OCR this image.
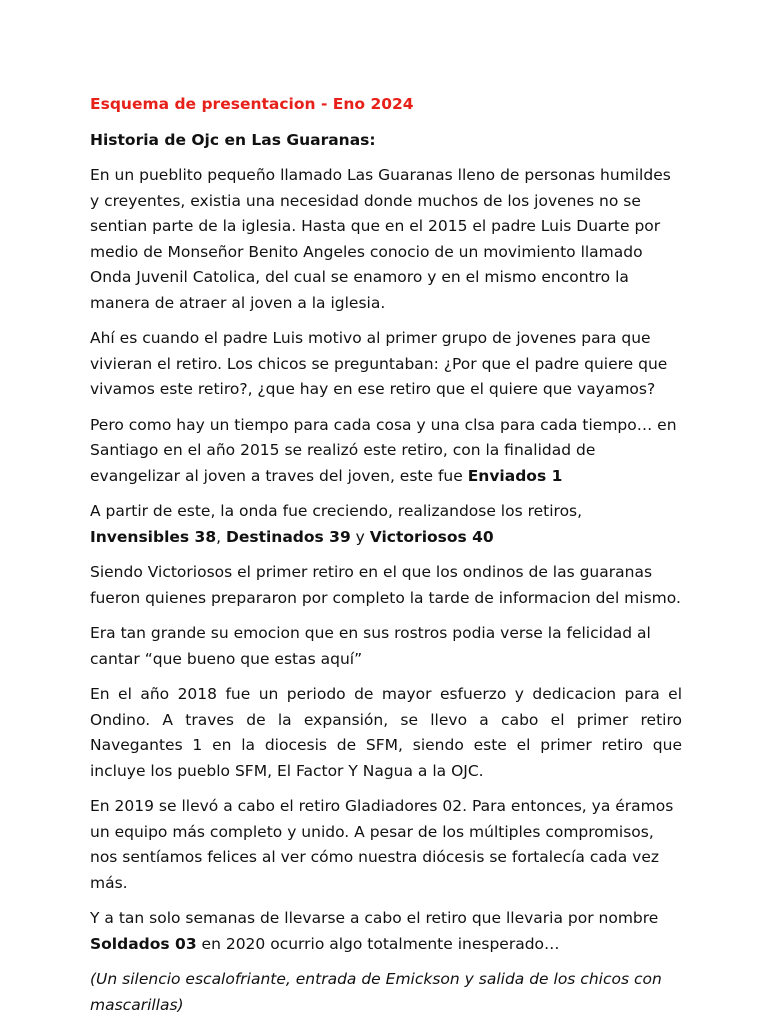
Esquema de presentacion - Eno 2024
Historia de Ojc en Las Guaranas:

En un pueblito pequeño llamado Las Guaranas lleno de personas humildes y creyentes, existia una necesidad donde muchos de los jovenes no se sentian parte de la iglesia. Hasta que en el 2015 el padre Luis Duarte por medio de Monseñor Benito Angeles conocio de un movimiento llamado Onda Juvenil Catolica, del cual se enamoro y en el mismo encontro la manera de atraer al joven a la iglesia.

Ahí es cuando el padre Luis motivo al primer grupo de jovenes para que vivieran el retiro. Los chicos se preguntaban: ¿Por que el padre quiere que vivamos este retiro?, ¿que hay en ese retiro que el quiere que vayamos?

Pero como hay un tiempo para cada cosa y una clsa para cada tiempo… en Santiago en el año 2015 se realizó este retiro, con la finalidad de evangelizar al joven a traves del joven, este fue Enviados 1

A partir de este, la onda fue creciendo, realizandose los retiros, Invensibles 38, Destinados 39 y Victoriosos 40

Siendo Victoriosos el primer retiro en el que los ondinos de las guaranas fueron quienes prepararon por completo la tarde de informacion del mismo.

Era tan grande su emocion que en sus rostros podia verse la felicidad al cantar “que bueno que estas aquí”

En el año 2018 fue un periodo de mayor esfuerzo y dedicacion para el Ondino. A traves de la expansión, se llevo a cabo el primer retiro Navegantes 1 en la diocesis de SFM, siendo este el primer retiro que incluye los pueblo SFM, El Factor Y Nagua a la OJC.

En 2019 se llevó a cabo el retiro Gladiadores 02. Para entonces, ya éramos un equipo más completo y unido. A pesar de los múltiples compromisos, nos sentíamos felices al ver cómo nuestra diócesis se fortalecía cada vez más.

Y a tan solo semanas de llevarse a cabo el retiro que llevaria por nombre Soldados 03 en 2020 ocurrio algo totalmente inesperado…

(Un silencio escalofriante, entrada de Emickson y salida de los chicos con mascarillas)
